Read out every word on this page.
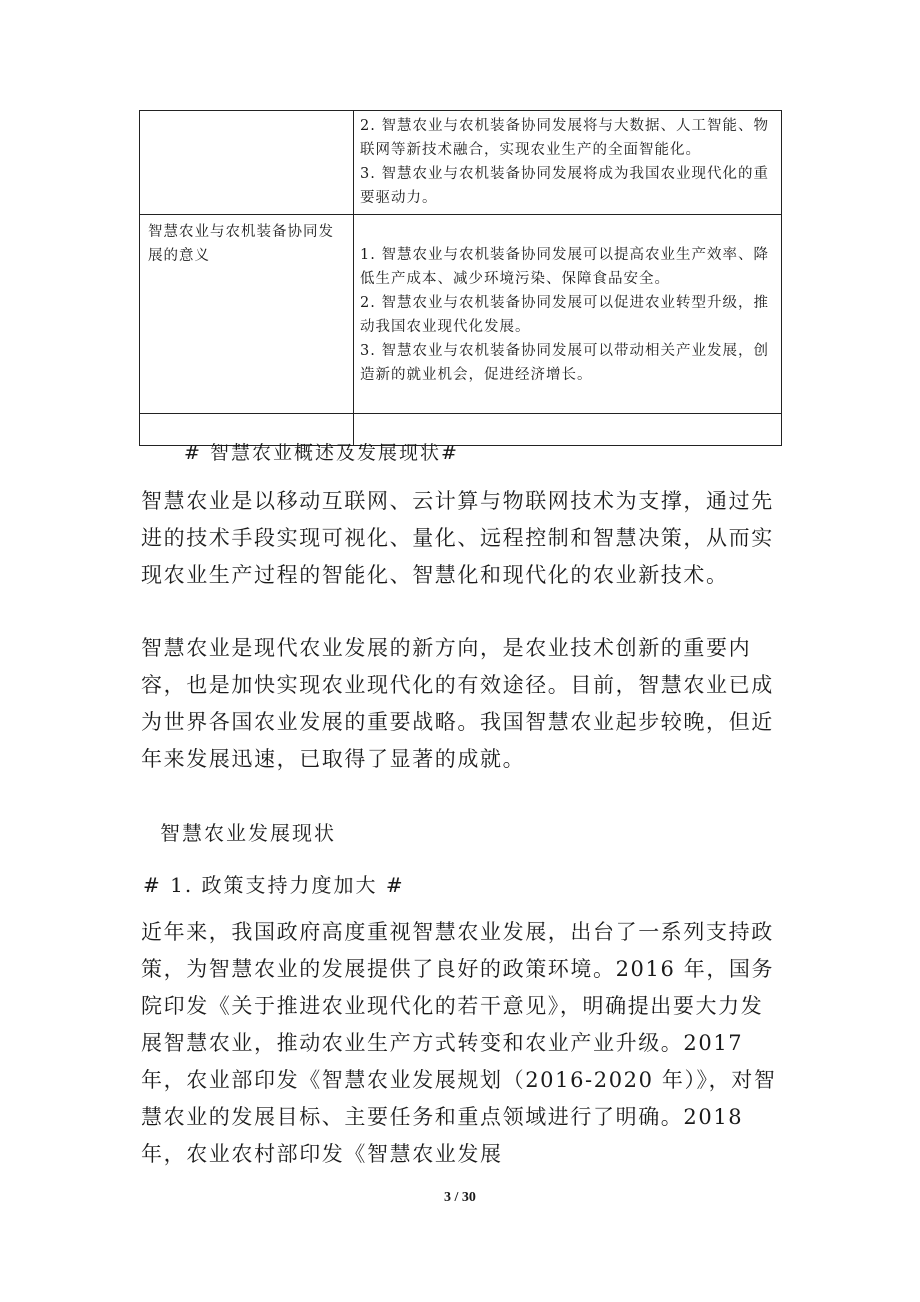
	2. 智慧农业与农机装备协同发展将与大数据、人工智能、物联网等新技术融合，实现农业生产的全面智能化。
3. 智慧农业与农机装备协同发展将成为我国农业现代化的重要驱动力。

智慧农业与农机装备协同发展的意义	1. 智慧农业与农机装备协同发展可以提高农业生产效率、降低生产成本、减少环境污染、保障食品安全。
2. 智慧农业与农机装备协同发展可以促进农业转型升级，推动我国农业现代化发展。
3. 智慧农业与农机装备协同发展可以带动相关产业发展，创造新的就业机会，促进经济增长。

# 智慧农业概述及发展现状#
智慧农业是以移动互联网、云计算与物联网技术为支撑，通过先进的技术手段实现可视化、量化、远程控制和智慧决策，从而实现农业生产过程的智能化、智慧化和现代化的农业新技术。
智慧农业是现代农业发展的新方向，是农业技术创新的重要内容，也是加快实现农业现代化的有效途径。目前，智慧农业已成为世界各国农业发展的重要战略。我国智慧农业起步较晚，但近年来发展迅速，已取得了显著的成就。
智慧农业发展现状
# 1. 政策支持力度加大 #
近年来，我国政府高度重视智慧农业发展，出台了一系列支持政策，为智慧农业的发展提供了良好的政策环境。2016 年，国务院印发《关于推进农业现代化的若干意见》，明确提出要大力发展智慧农业，推动农业生产方式转变和农业产业升级。2017 年，农业部印发《智慧农业发展规划（2016-2020 年）》，对智慧农业的发展目标、主要任务和重点领域进行了明确。2018 年，农业农村部印发《智慧农业发展
3 / 30
